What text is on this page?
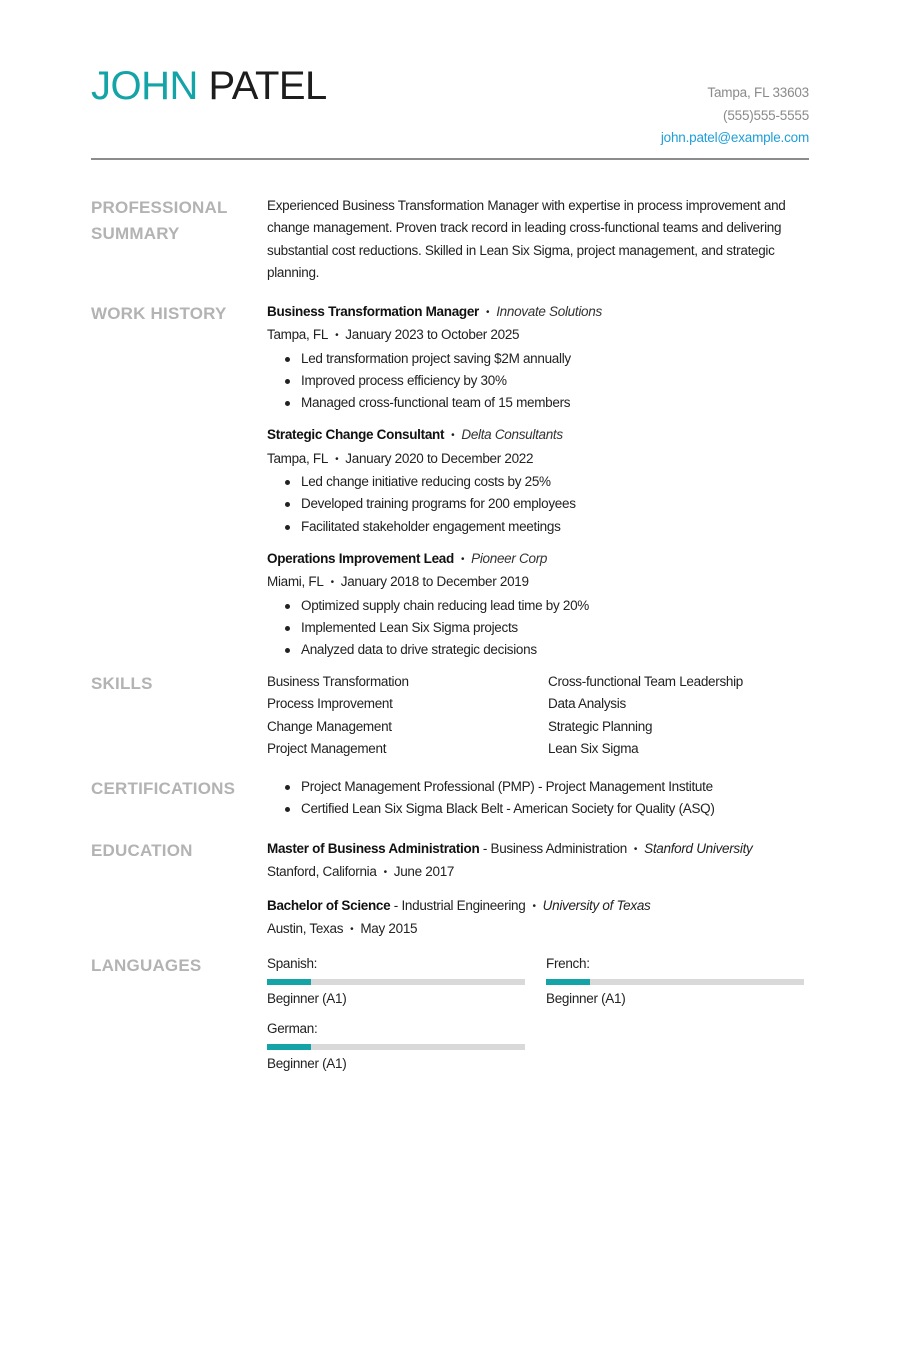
JOHN PATEL	Tampa, FL 33603
(555)555-5555
john.patel@example.com
PROFESSIONAL
SUMMARY
Experienced Business Transformation Manager with expertise in process improvement and change management. Proven track record in leading cross-functional teams and delivering substantial cost reductions. Skilled in Lean Six Sigma, project management, and strategic planning.
WORK HISTORY	Business Transformation Manager • Innovate Solutions
Tampa, FL • January 2023 to October 2025
Led transformation project saving $2M annually
Improved process efficiency by 30%
Managed cross-functional team of 15 members
Strategic Change Consultant • Delta Consultants
Tampa, FL • January 2020 to December 2022
Led change initiative reducing costs by 25%
Developed training programs for 200 employees
Facilitated stakeholder engagement meetings
Operations Improvement Lead • Pioneer Corp
Miami, FL • January 2018 to December 2019
Optimized supply chain reducing lead time by 20%
Implemented Lean Six Sigma projects
Analyzed data to drive strategic decisions
SKILLS	Business Transformation	Cross-functional Team Leadership
Process Improvement	Data Analysis
Change Management	Strategic Planning
Project Management	Lean Six Sigma
CERTIFICATIONS	Project Management Professional (PMP) - Project Management Institute
Certified Lean Six Sigma Black Belt - American Society for Quality (ASQ)
EDUCATION	Master of Business Administration - Business Administration • Stanford University
Stanford, California • June 2017
Bachelor of Science - Industrial Engineering • University of Texas
Austin, Texas • May 2015
LANGUAGES	Spanish:
Beginner (A1)
French:
Beginner (A1)
German:
Beginner (A1)
